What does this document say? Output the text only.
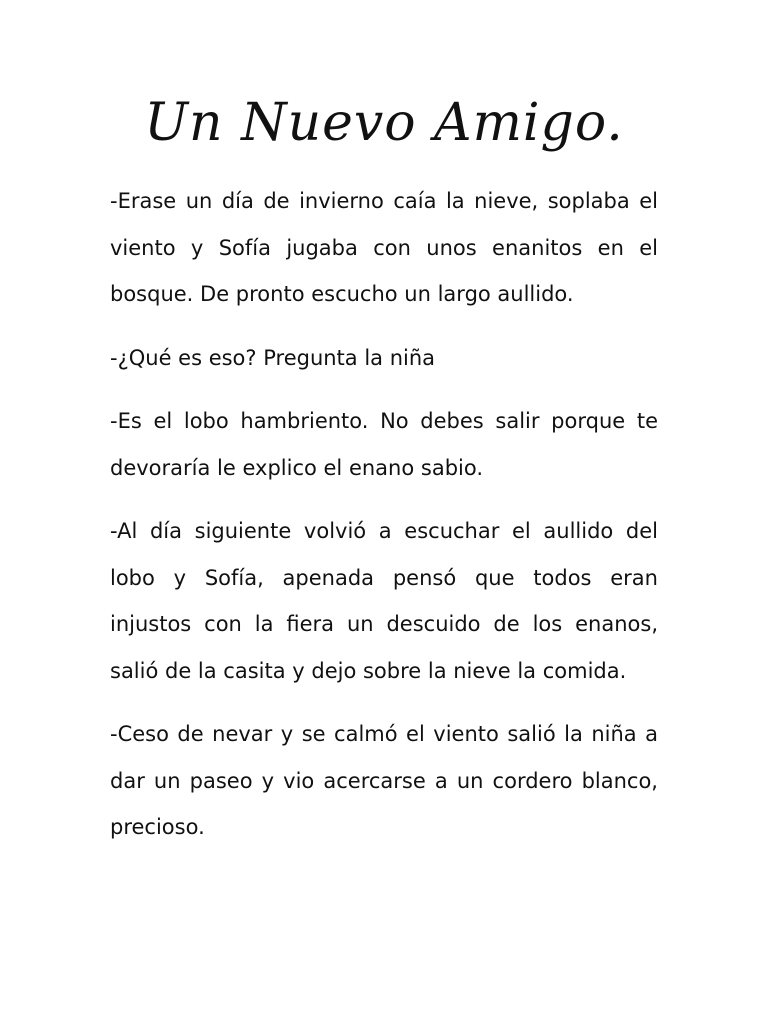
Un Nuevo Amigo.

-Erase un día de invierno caía la nieve, soplaba el viento y Sofía jugaba con unos enanitos en el bosque. De pronto escucho un largo aullido.

-¿Qué es eso? Pregunta la niña

-Es el lobo hambriento. No debes salir porque te devoraría le explico el enano sabio.

-Al día siguiente volvió a escuchar el aullido del lobo y Sofía, apenada pensó que todos eran injustos con la fiera un descuido de los enanos, salió de la casita y dejo sobre la nieve la comida.

-Ceso de nevar y se calmó el viento salió la niña a dar un paseo y vio acercarse a un cordero blanco, precioso.
